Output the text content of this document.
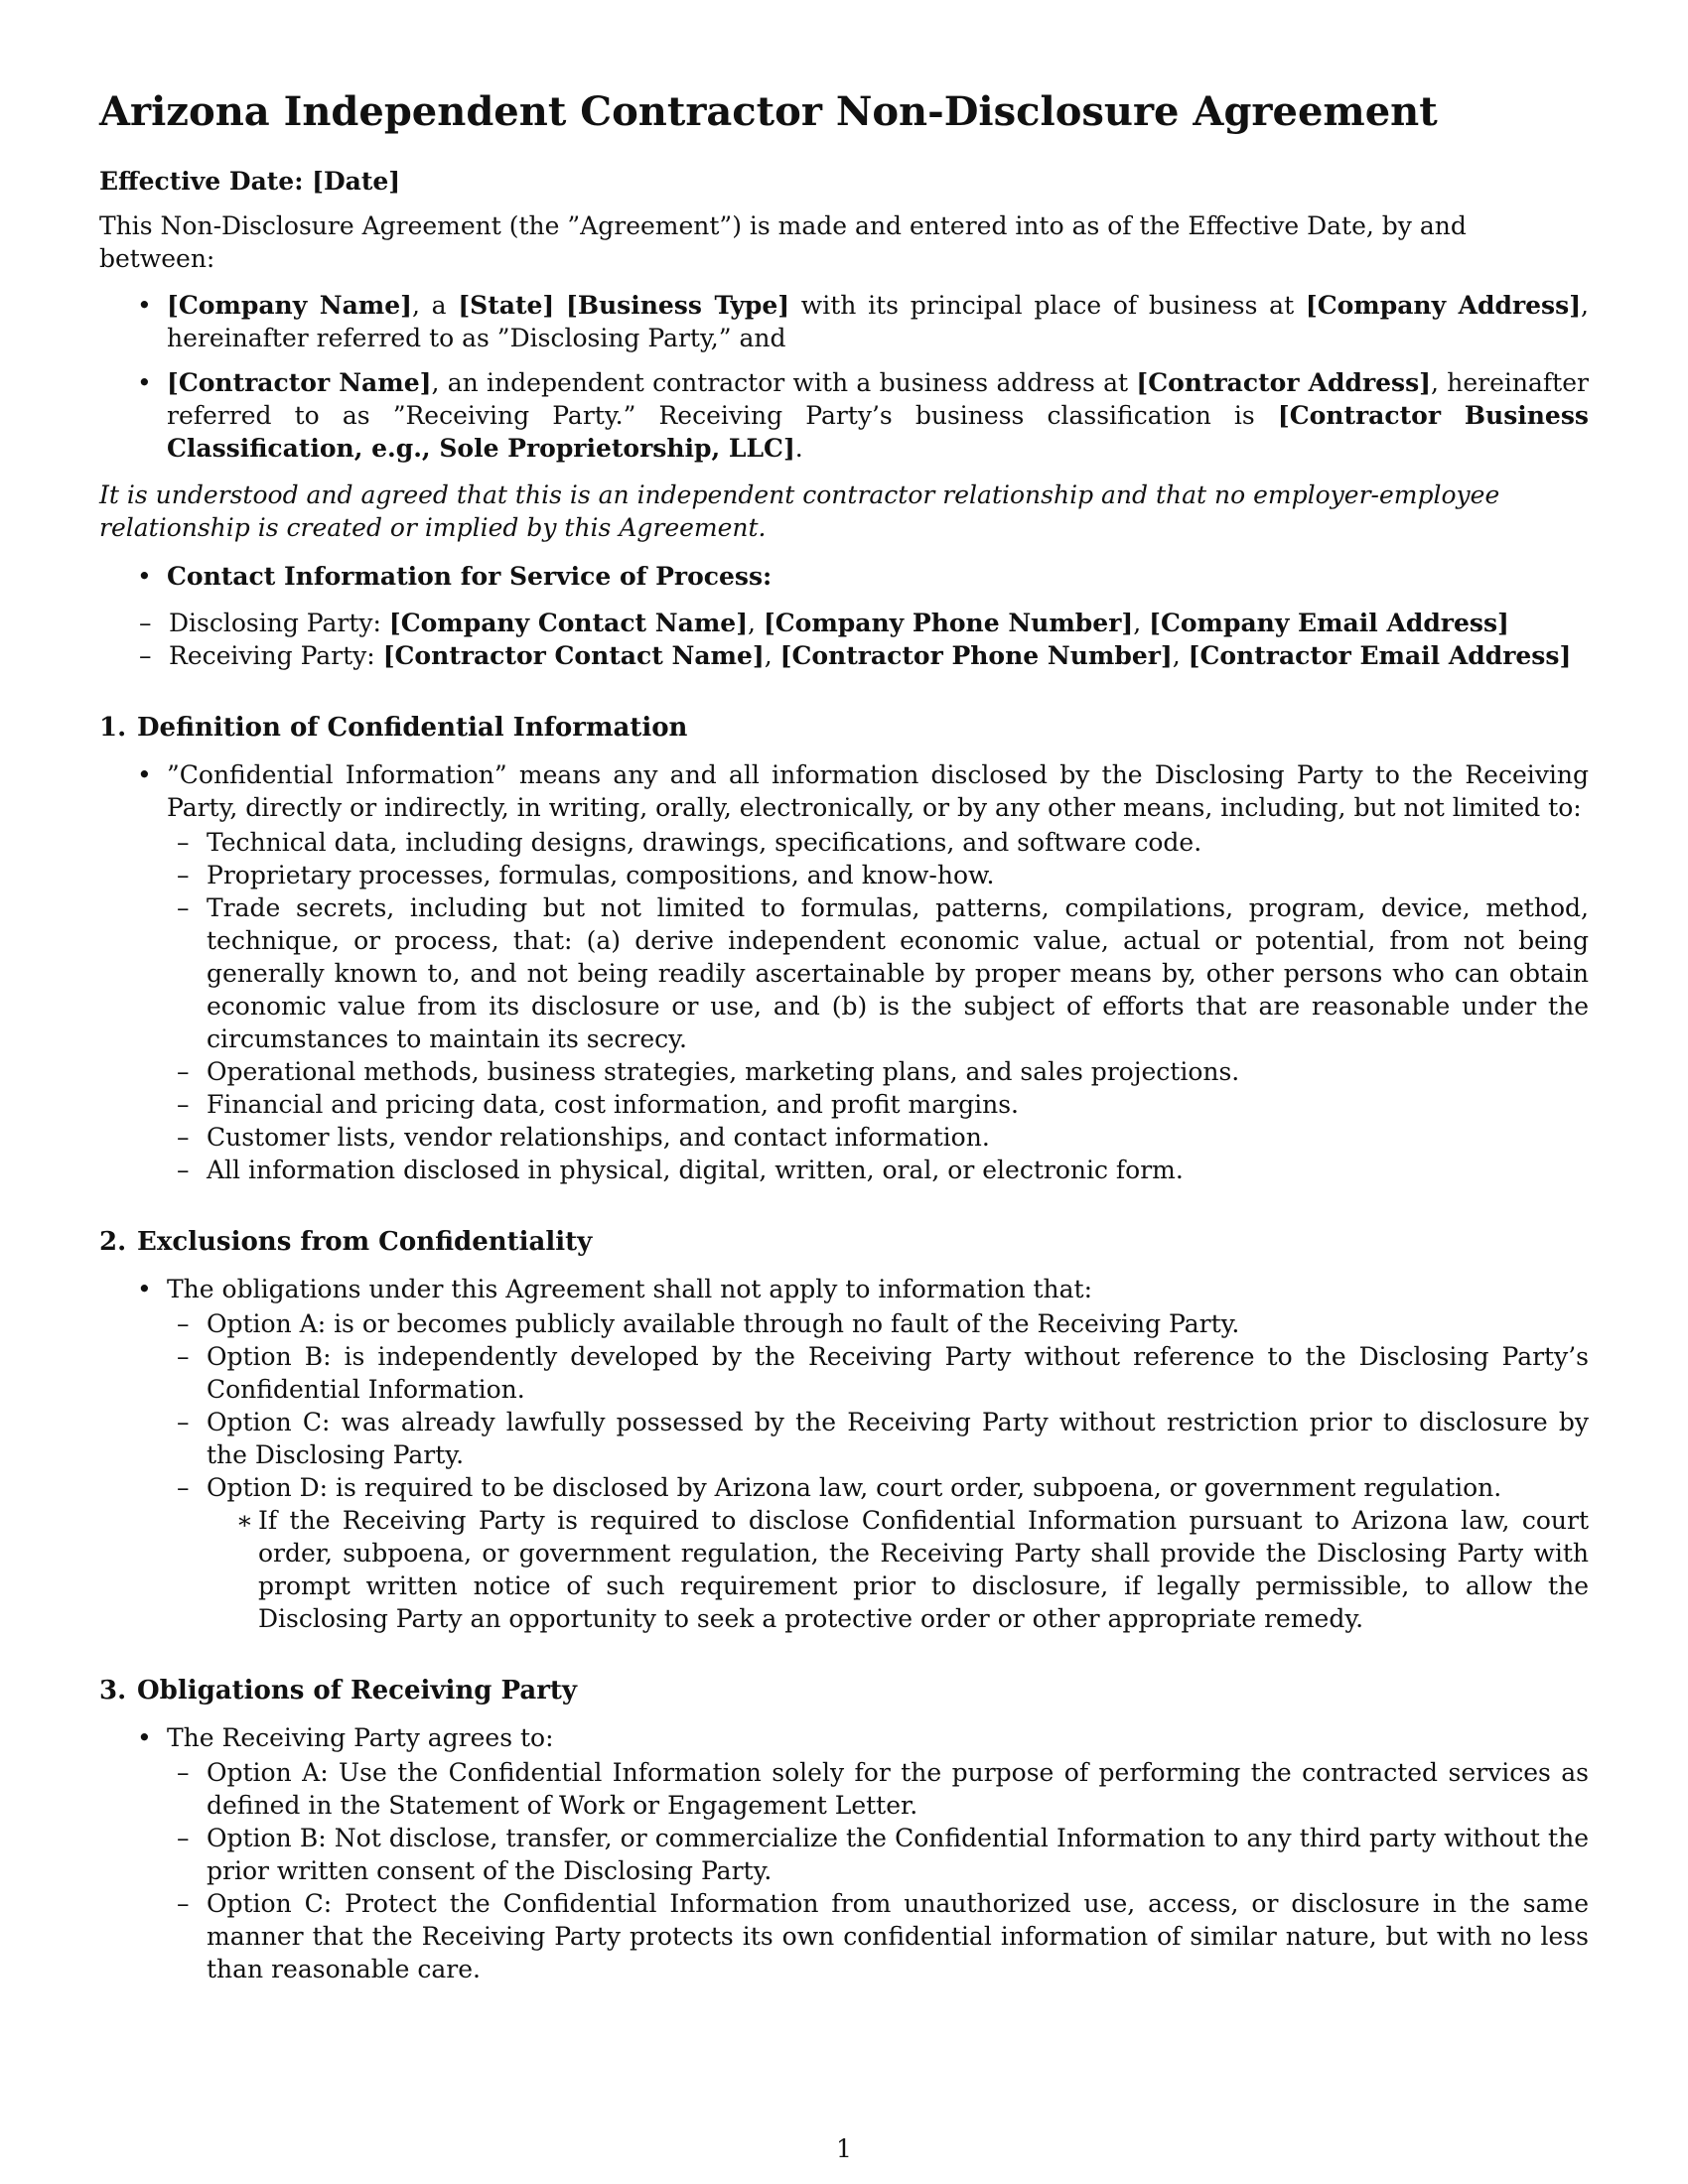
Arizona Independent Contractor Non-Disclosure Agreement

Effective Date: [Date]

This Non-Disclosure Agreement (the ”Agreement”) is made and entered into as of the Effective Date, by and between:

• [Company Name], a [State] [Business Type] with its principal place of business at [Company Address], hereinafter referred to as ”Disclosing Party,” and
• [Contractor Name], an independent contractor with a business address at [Contractor Address], hereinafter referred to as ”Receiving Party.” Receiving Party’s business classification is [Contractor Business Classification, e.g., Sole Proprietorship, LLC].

It is understood and agreed that this is an independent contractor relationship and that no employer-employee relationship is created or implied by this Agreement.

• Contact Information for Service of Process:
– Disclosing Party: [Company Contact Name], [Company Phone Number], [Company Email Address]
– Receiving Party: [Contractor Contact Name], [Contractor Phone Number], [Contractor Email Address]
1. Definition of Confidential Information
• ”Confidential Information” means any and all information disclosed by the Disclosing Party to the Receiving Party, directly or indirectly, in writing, orally, electronically, or by any other means, including, but not limited to:
– Technical data, including designs, drawings, specifications, and software code.
– Proprietary processes, formulas, compositions, and know-how.
– Trade secrets, including but not limited to formulas, patterns, compilations, program, device, method, technique, or process, that: (a) derive independent economic value, actual or potential, from not being generally known to, and not being readily ascertainable by proper means by, other persons who can obtain economic value from its disclosure or use, and (b) is the subject of efforts that are reasonable under the circumstances to maintain its secrecy.
– Operational methods, business strategies, marketing plans, and sales projections.
– Financial and pricing data, cost information, and profit margins.
– Customer lists, vendor relationships, and contact information.
– All information disclosed in physical, digital, written, oral, or electronic form.
2. Exclusions from Confidentiality
• The obligations under this Agreement shall not apply to information that:
– Option A: is or becomes publicly available through no fault of the Receiving Party.
– Option B: is independently developed by the Receiving Party without reference to the Disclosing Party’s Confidential Information.
– Option C: was already lawfully possessed by the Receiving Party without restriction prior to disclosure by the Disclosing Party.
– Option D: is required to be disclosed by Arizona law, court order, subpoena, or government regulation.
∗ If the Receiving Party is required to disclose Confidential Information pursuant to Arizona law, court order, subpoena, or government regulation, the Receiving Party shall provide the Disclosing Party with prompt written notice of such requirement prior to disclosure, if legally permissible, to allow the Disclosing Party an opportunity to seek a protective order or other appropriate remedy.
3. Obligations of Receiving Party
• The Receiving Party agrees to:
– Option A: Use the Confidential Information solely for the purpose of performing the contracted services as defined in the Statement of Work or Engagement Letter.
– Option B: Not disclose, transfer, or commercialize the Confidential Information to any third party without the prior written consent of the Disclosing Party.
– Option C: Protect the Confidential Information from unauthorized use, access, or disclosure in the same manner that the Receiving Party protects its own confidential information of similar nature, but with no less than reasonable care.
1
